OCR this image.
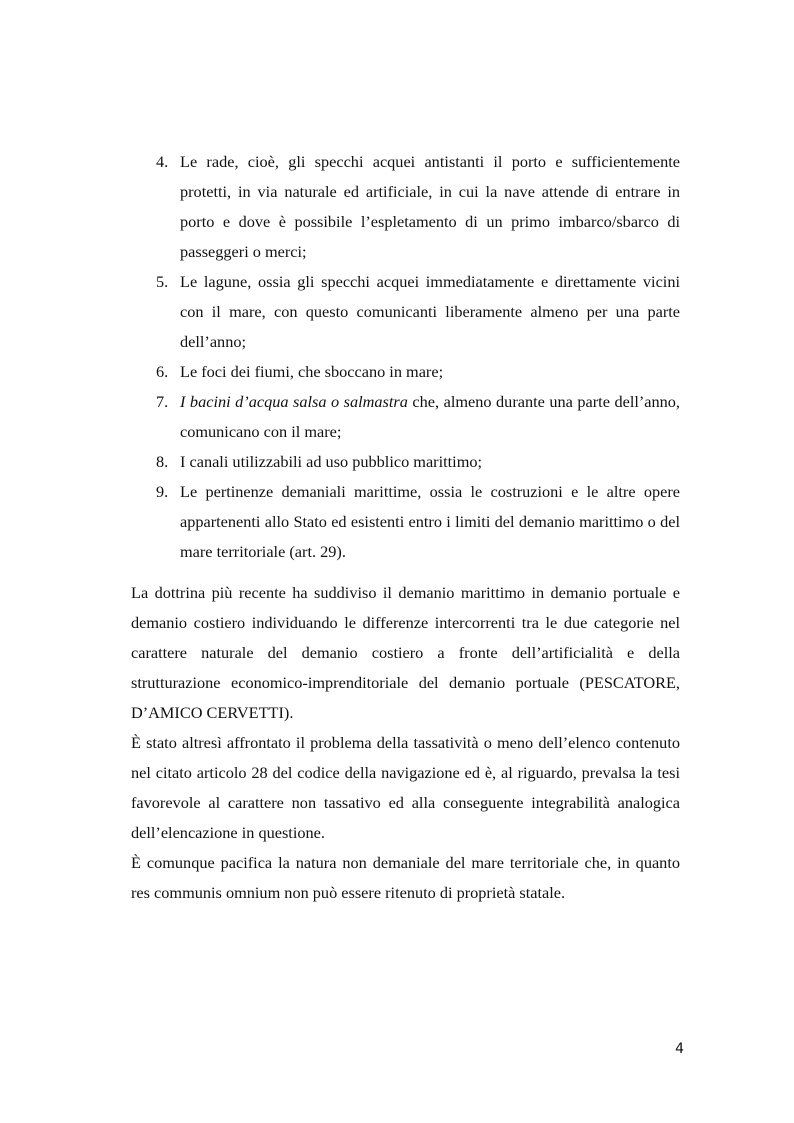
4. Le rade, cioè, gli specchi acquei antistanti il porto e sufficientemente protetti, in via naturale ed artificiale, in cui la nave attende di entrare in porto e dove è possibile l’espletamento di un primo imbarco/sbarco di passeggeri o merci;
5. Le lagune, ossia gli specchi acquei immediatamente e direttamente vicini con il mare, con questo comunicanti liberamente almeno per una parte dell’anno;
6. Le foci dei fiumi, che sboccano in mare;
7. I bacini d’acqua salsa o salmastra che, almeno durante una parte dell’anno, comunicano con il mare;
8. I canali utilizzabili ad uso pubblico marittimo;
9. Le pertinenze demaniali marittime, ossia le costruzioni e le altre opere appartenenti allo Stato ed esistenti entro i limiti del demanio marittimo o del mare territoriale (art. 29).

La dottrina più recente ha suddiviso il demanio marittimo in demanio portuale e demanio costiero individuando le differenze intercorrenti tra le due categorie nel carattere naturale del demanio costiero a fronte dell’artificialità e della strutturazione economico-imprenditoriale del demanio portuale (PESCATORE, D’AMICO CERVETTI).

È stato altresì affrontato il problema della tassatività o meno dell’elenco contenuto nel citato articolo 28 del codice della navigazione ed è, al riguardo, prevalsa la tesi favorevole al carattere non tassativo ed alla conseguente integrabilità analogica dell’elencazione in questione.

È comunque pacifica la natura non demaniale del mare territoriale che, in quanto res communis omnium non può essere ritenuto di proprietà statale.

4
